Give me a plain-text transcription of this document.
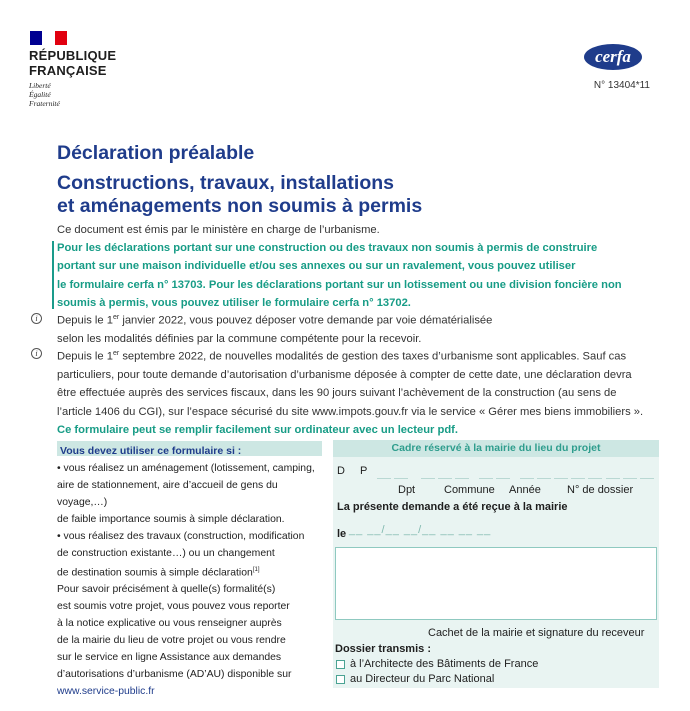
RÉPUBLIQUE
FRANÇAISE
Liberté
Égalité
Fraternité
cerfa
N° 13404*11
Déclaration préalable
Constructions, travaux, installations
et aménagements non soumis à permis
Ce document est émis par le ministère en charge de l’urbanisme.
Pour les déclarations portant sur une construction ou des travaux non soumis à permis de construire
portant sur une maison individuelle et/ou ses annexes ou sur un ravalement, vous pouvez utiliser
le formulaire cerfa n° 13703. Pour les déclarations portant sur un lotissement ou une division foncière non
soumis à permis, vous pouvez utiliser le formulaire cerfa n° 13702.
i	Depuis le 1er janvier 2022, vous pouvez déposer votre demande par voie dématérialisée
selon les modalités définies par la commune compétente pour la recevoir.
i	Depuis le 1er septembre 2022, de nouvelles modalités de gestion des taxes d’urbanisme sont applicables. Sauf cas
particuliers, pour toute demande d’autorisation d’urbanisme déposée à compter de cette date, une déclaration devra
être effectuée auprès des services fiscaux, dans les 90 jours suivant l’achèvement de la construction (au sens de
l’article 1406 du CGI), sur l’espace sécurisé du site www.impots.gouv.fr via le service « Gérer mes biens immobiliers ».
Ce formulaire peut se remplir facilement sur ordinateur avec un lecteur pdf.
Vous devez utiliser ce formulaire si :
• vous réalisez un aménagement (lotissement, camping,
aire de stationnement, aire d’accueil de gens du voyage,…)
de faible importance soumis à simple déclaration.
• vous réalisez des travaux (construction, modification
de construction existante…) ou un changement
de destination soumis à simple déclaration[1]
Pour savoir précisément à quelle(s) formalité(s)
est soumis votre projet, vous pouvez vous reporter
à la notice explicative ou vous renseigner auprès
de la mairie du lieu de votre projet ou vous rendre
sur le service en ligne Assistance aux demandes
d’autorisations d’urbanisme (AD’AU) disponible sur
www.service-public.fr
Cadre réservé à la mairie du lieu du projet
D P
Dpt	Commune Année N° de dossier
La présente demande a été reçue à la mairie
le __ __/__ __/__ __ __ __
Cachet de la mairie et signature du receveur
Dossier transmis :
à l’Architecte des Bâtiments de France
au Directeur du Parc National
